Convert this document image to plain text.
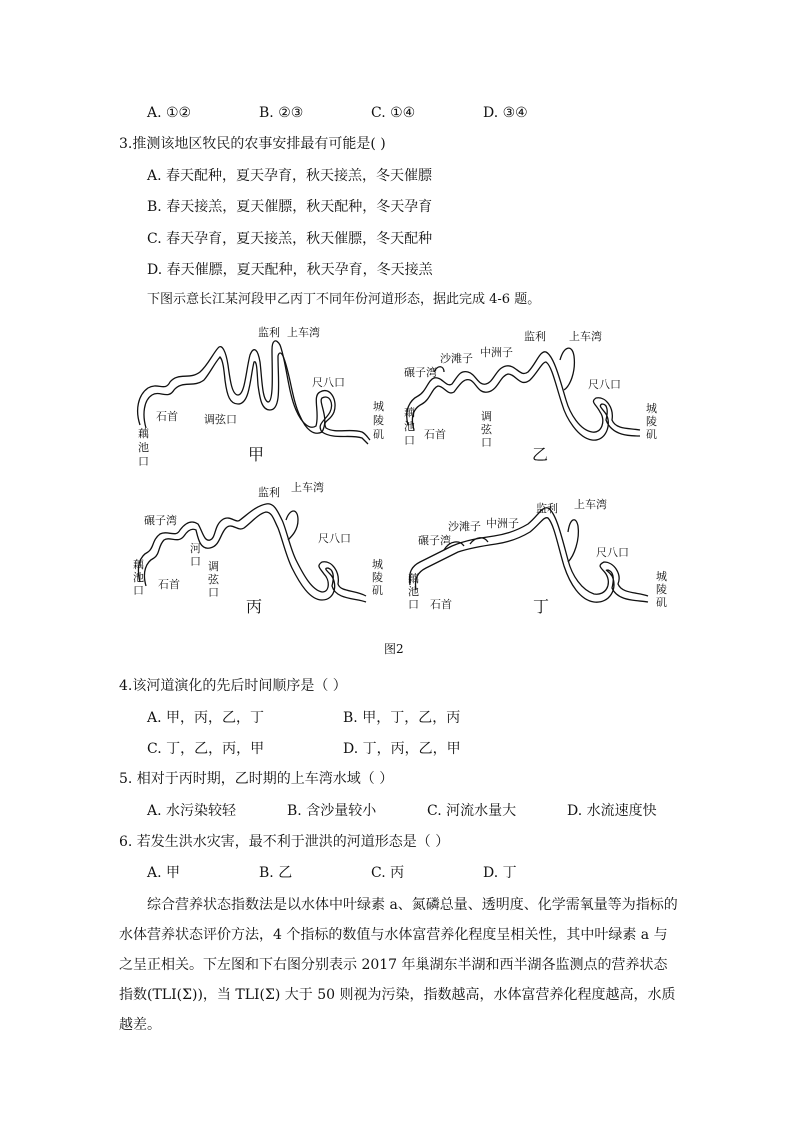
A. ①②	B. ②③	C. ①④	D. ③④
3.推测该地区牧民的农事安排最有可能是( )
A. 春天配种，夏天孕育，秋天接羔，冬天催膘
B. 春天接羔，夏天催膘，秋天配种，冬天孕育
C. 春天孕育，夏天接羔，秋天催膘，冬天配种
D. 春天催膘，夏天配种，秋天孕育，冬天接羔
下图示意长江某河段甲乙丙丁不同年份河道形态，据此完成 4-6 题。
监利 上车湾
尺八口
城
陵
矶
藕
池
口
石首 调弦口
甲
监利 上车湾
沙滩子 中洲子
碾子湾
尺八口
城
陵
矶
藕
池
口 石首
调
弦
口
乙
监利 上车湾
碾子湾
尺八口
城
陵
矶
藕
池
口 石首
河
口 调
弦
口
丙
监利 上车湾
沙滩子 中洲子
碾子湾
尺八口
城
陵
矶
藕
池
口 石首	丁
图2
4.该河道演化的先后时间顺序是（ ）
A. 甲，丙，乙，丁	B. 甲，丁，乙，丙
C. 丁，乙，丙，甲	D. 丁，丙，乙，甲
5. 相对于丙时期，乙时期的上车湾水域（ ）
A. 水污染较轻	B. 含沙量较小	C. 河流水量大	D. 水流速度快
6. 若发生洪水灾害，最不利于泄洪的河道形态是（ ）
A. 甲	B. 乙	C. 丙	D. 丁
综合营养状态指数法是以水体中叶绿素 a、氮磷总量、透明度、化学需氧量等为指标的水体营养状态评价方法，4 个指标的数值与水体富营养化程度呈相关性，其中叶绿素 a 与之呈正相关。下左图和下右图分别表示 2017 年巢湖东半湖和西半湖各监测点的营养状态指数(TLI(Σ))，当 TLI(Σ) 大于 50 则视为污染，指数越高，水体富营养化程度越高，水质越差。
